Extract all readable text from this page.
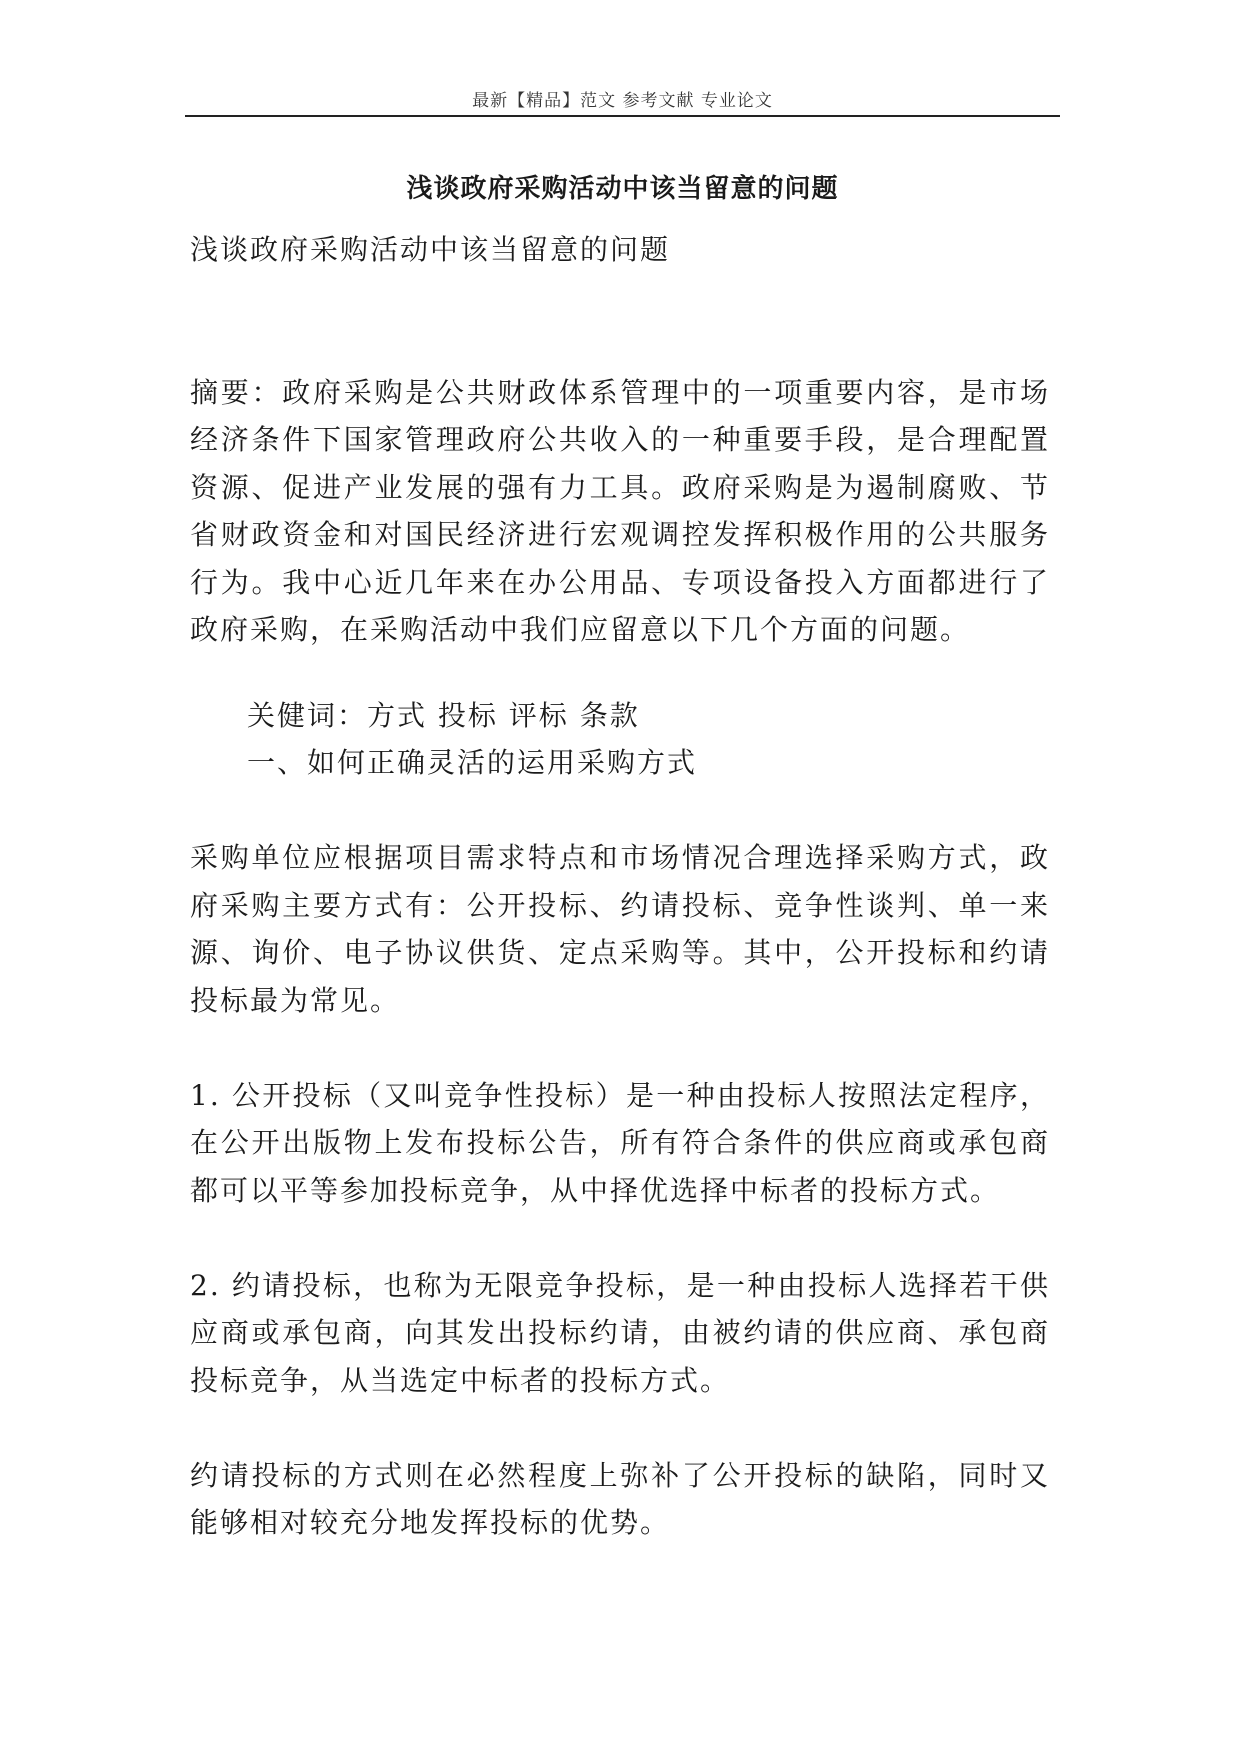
最新【精品】范文 参考文献 专业论文
浅谈政府采购活动中该当留意的问题

浅谈政府采购活动中该当留意的问题

摘要：政府采购是公共财政体系管理中的一项重要内容，是市场经济条件下国家管理政府公共收入的一种重要手段，是合理配置资源、促进产业发展的强有力工具。政府采购是为遏制腐败、节省财政资金和对国民经济进行宏观调控发挥积极作用的公共服务行为。我中心近几年来在办公用品、专项设备投入方面都进行了政府采购，在采购活动中我们应留意以下几个方面的问题。

关健词：方式 投标 评标 条款

一、如何正确灵活的运用采购方式

采购单位应根据项目需求特点和市场情况合理选择采购方式，政府采购主要方式有：公开投标、约请投标、竞争性谈判、单一来源、询价、电子协议供货、定点采购等。其中，公开投标和约请投标最为常见。

1. 公开投标（又叫竞争性投标）是一种由投标人按照法定程序，在公开出版物上发布投标公告，所有符合条件的供应商或承包商都可以平等参加投标竞争，从中择优选择中标者的投标方式。

2. 约请投标，也称为无限竞争投标，是一种由投标人选择若干供应商或承包商，向其发出投标约请，由被约请的供应商、承包商投标竞争，从当选定中标者的投标方式。

约请投标的方式则在必然程度上弥补了公开投标的缺陷，同时又能够相对较充分地发挥投标的优势。
